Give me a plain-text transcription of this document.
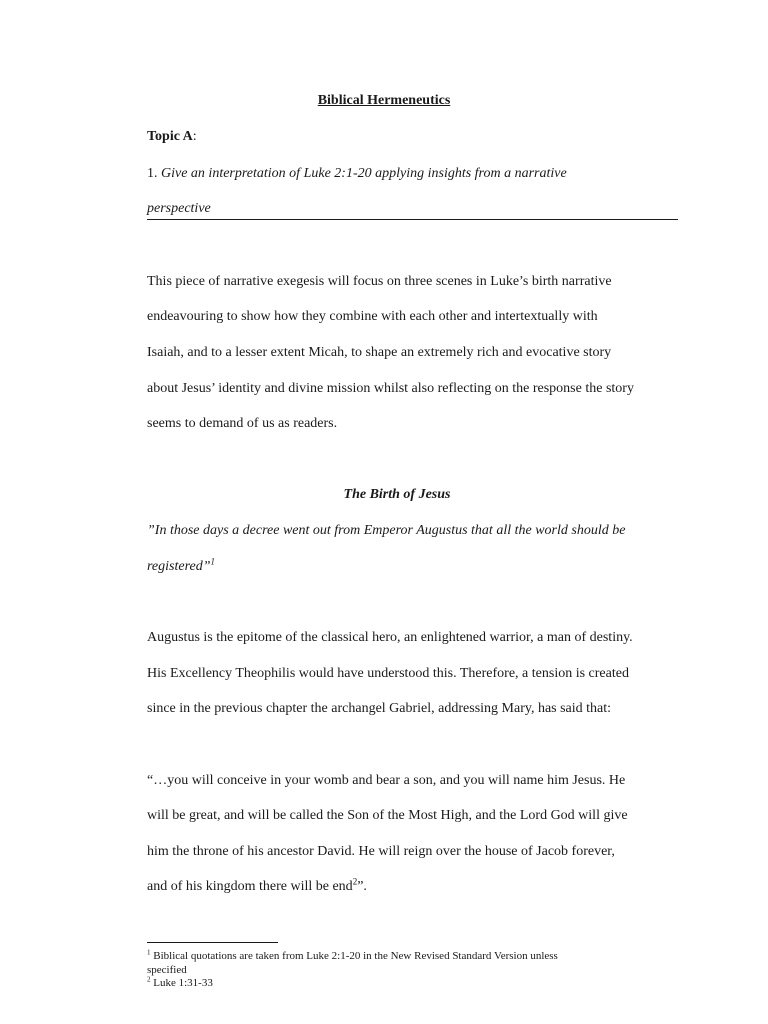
Biblical Hermeneutics
Topic A:
1. Give an interpretation of Luke 2:1-20 applying insights from a narrative
perspective
This piece of narrative exegesis will focus on three scenes in Luke’s birth narrative
endeavouring to show how they combine with each other and intertextually with
Isaiah, and to a lesser extent Micah, to shape an extremely rich and evocative story
about Jesus’ identity and divine mission whilst also reflecting on the response the story
seems to demand of us as readers.
The Birth of Jesus
”In those days a decree went out from Emperor Augustus that all the world should be
registered”$^1$
Augustus is the epitome of the classical hero, an enlightened warrior, a man of destiny.
His Excellency Theophilis would have understood this. Therefore, a tension is created
since in the previous chapter the archangel Gabriel, addressing Mary, has said that:
“…you will conceive in your womb and bear a son, and you will name him Jesus. He
will be great, and will be called the Son of the Most High, and the Lord God will give
him the throne of his ancestor David. He will reign over the house of Jacob forever,
and of his kingdom there will be end$^2$”.
$^1$ Biblical quotations are taken from Luke 2:1-20 in the New Revised Standard Version unless
specified
$^2$ Luke 1:31-33
